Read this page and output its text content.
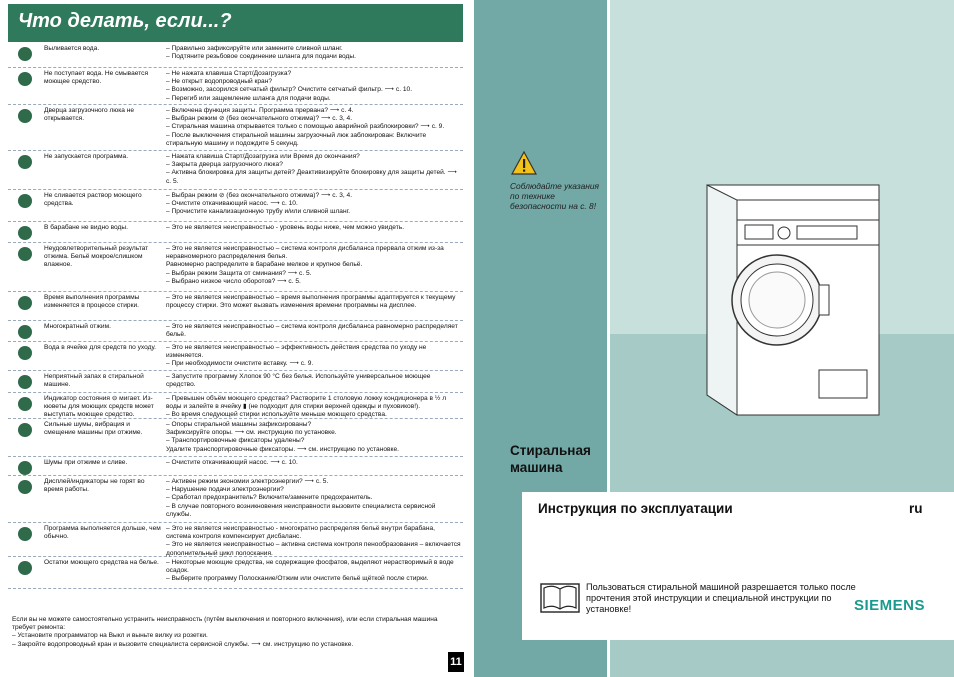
Что делать, если...?
Выливается вода.	– Правильно зафиксируйте или замените сливной шланг.
– Подтяните резьбовое соединение шланга для подачи воды.
Не поступает вода. Не смывается моющее средство.
– Не нажата клавиша Старт/Дозагрузка?
– Не открыт водопроводный кран?
– Возможно, засорился сетчатый фильтр? Очистите сетчатый фильтр. ⟶ с. 10.
– Перегиб или защемление шланга для подачи воды.
Дверца загрузочного люка не открывается.
– Включена функция защиты. Программа прервана? ⟶ с. 4.
– Выбран режим ⊘ (без окончательного отжима)? ⟶ с. 3, 4.
– Стиральная машина открывается только с помощью аварийной разблокировки? ⟶ с. 9.
– После выключения стиральной машины загрузочный люк заблокирован: Включите стиральную машину и подождите 5 секунд.
Не запускается программа.	– Нажата клавиша Старт/Дозагрузка или Время до окончания?
– Закрыта дверца загрузочного люка?
– Активна блокировка для защиты детей? Деактивизируйте блокировку для защиты детей. ⟶ с. 5.
Не сливается раствор моющего средства.
– Выбран режим ⊘ (без окончательного отжима)? ⟶ с. 3, 4.
– Очистите откачивающий насос. ⟶ с. 10.
– Прочистите канализационную трубу и/или сливной шланг.
В барабане не видно воды.	– Это не является неисправностью - уровень воды ниже, чем можно увидеть.
Неудовлетворительный результат отжима. Бельё мокрое/слишком влажное.
– Это не является неисправностью – система контроля дисбаланса прервала отжим из-за неравномерного распределения белья.
Равномерно распределите в барабане мелкое и крупное бельё.
– Выбран режим Защита от сминания? ⟶ с. 5.
– Выбрано низкое число оборотов? ⟶ с. 5.
Время выполнения программы изменяется в процессе стирки.
– Это не является неисправностью – время выполнения программы адаптируется к текущему процессу стирки. Это может вызвать изменения времени программы на дисплее.
Многократный отжим.	– Это не является неисправностью – система контроля дисбаланса равномерно распределяет бельё.
Вода в ячейке для средств по уходу.	– Это не является неисправностью – эффективность действия средства по уходу не изменяется.
– При необходимости очистите вставку. ⟶ с. 9.
Неприятный запах в стиральной машине.
– Запустите программу Хлопок 90 °C без белья. Используйте универсальное моющее средство.
Индикатор состояния ⊖ мигает. Из-кюветы для моющих средств может выступать моющее средство.
– Превышен объём моющего средства? Растворите 1 столовую ложку кондиционера в ½ л воды и залейте в ячейку ▮ (не подходит для стирки верхней одежды и пуховиков!).
– Во время следующей стирки используйте меньше моющего средства.
Сильные шумы, вибрация и смещение машины при отжиме.
– Опоры стиральной машины зафиксированы?
Зафиксируйте опоры. ⟶ см. инструкцию по установке.
– Транспортировочные фиксаторы удалены?
Удалите транспортировочные фиксаторы. ⟶ см. инструкцию по установке.
Шумы при отжиме и сливе.	– Очистите откачивающий насос. ⟶ с. 10.
Дисплей/индикаторы не горят во время работы.
– Активен режим экономии электроэнергии? ⟶ с. 5.
– Нарушение подачи электроэнергии?
– Сработал предохранитель? Включите/замените предохранитель.
– В случае повторного возникновения неисправности вызовите специалиста сервисной службы.
Программа выполняется дольше, чем обычно.
– Это не является неисправностью - многократно распределяя бельё внутри барабана, система контроля компенсирует дисбаланс.
– Это не является неисправностью – активна система контроля пенообразования – включается дополнительный цикл полоскания.
Остатки моющего средства на белье.	– Некоторые моющие средства, не содержащие фосфатов, выделяют нерастворимый в воде осадок.
– Выберите программу Полоскание/Отжим или очистите бельё щёткой после стирки.
Если вы не можете самостоятельно устранить неисправность (путём выключения и повторного включения), или если стиральная машина требует ремонта:
– Установите программатор на Выкл и выньте вилку из розетки.
– Закройте водопроводный кран и вызовите специалиста сервисной службы. ⟶ см. инструкцию по установке.
11
Соблюдайте указания по технике безопасности на с. 8!
Стиральная машина
Инструкция по эксплуатации	ru
Пользоваться стиральной машиной разрешается только после прочтения этой инструкции и специальной инструкции по установке!	SIEMENS
